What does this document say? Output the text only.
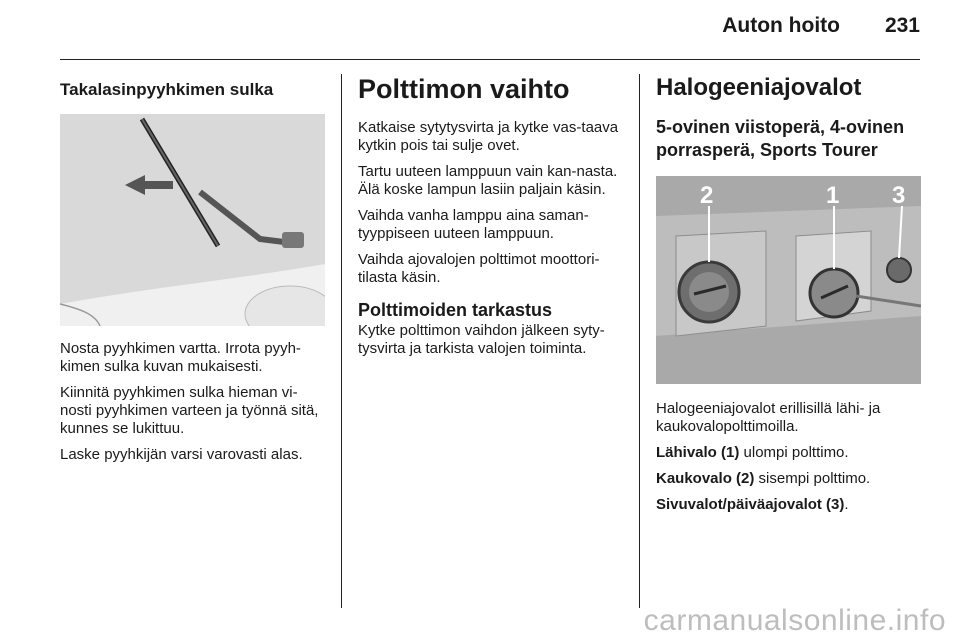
Auton hoito 231
Takalasinpyyhkimen sulka

Nosta pyyhkimen vartta. Irrota pyyh-kimen sulka kuvan mukaisesti.

Kiinnitä pyyhkimen sulka hieman vi-nosti pyyhkimen varteen ja työnnä sitä, kunnes se lukittuu.

Laske pyyhkijän varsi varovasti alas.

Polttimon vaihto

Katkaise sytytysvirta ja kytke vas-taava kytkin pois tai sulje ovet.

Tartu uuteen lamppuun vain kan-nasta. Älä koske lampun lasiin paljain käsin.

Vaihda vanha lamppu aina saman-tyyppiseen uuteen lamppuun.

Vaihda ajovalojen polttimot moottori-tilasta käsin.

Polttimoiden tarkastus

Kytke polttimon vaihdon jälkeen syty-tysvirta ja tarkista valojen toiminta.

Halogeeniajovalot
5-ovinen viistoperä, 4-ovinen porrasperä, Sports Tourer
2	1 3

Halogeeniajovalot erillisillä lähi- ja kaukovalopolttimoilla.

Lähivalo (1) ulompi polttimo.

Kaukovalo (2) sisempi polttimo.

Sivuvalot/päiväajovalot (3).

carmanualsonline.info
